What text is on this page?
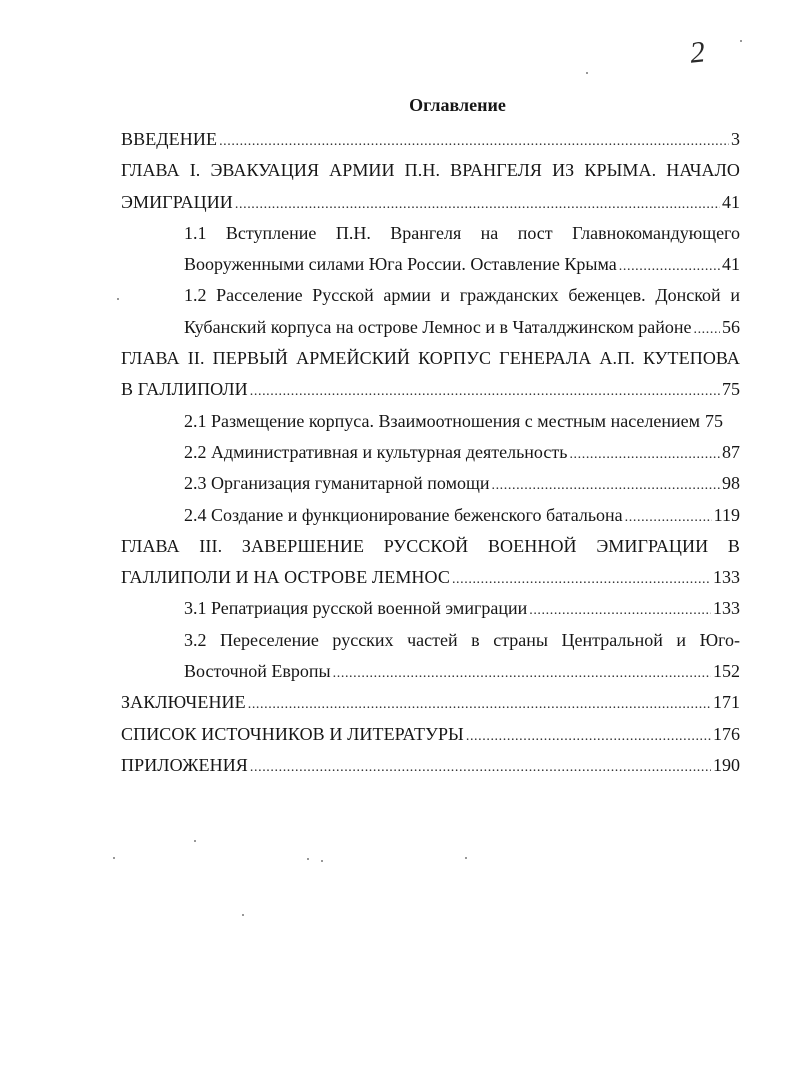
2
Оглавление
ВВЕДЕНИЕ .....	3
ГЛАВА I. ЭВАКУАЦИЯ АРМИИ П.Н. ВРАНГЕЛЯ ИЗ КРЫМА. НАЧАЛО
ЭМИГРАЦИИ .....	41
1.1 Вступление П.Н. Врангеля на пост Главнокомандующего
Вооруженными силами Юга России. Оставление Крыма .....	41
1.2 Расселение Русской армии и гражданских беженцев. Донской и
Кубанский корпуса на острове Лемнос и в Чаталджинском районе ..... 56
ГЛАВА II. ПЕРВЫЙ АРМЕЙСКИЙ КОРПУС ГЕНЕРАЛА А.П. КУТЕПОВА
В ГАЛЛИПОЛИ .....	75
2.1 Размещение корпуса. Взаимоотношения с местным населением 75
2.2 Административная и культурная деятельность .....	87
2.3 Организация гуманитарной помощи .....	98
2.4 Создание и функционирование беженского батальона .....	119
ГЛАВА III. ЗАВЕРШЕНИЕ РУССКОЙ ВОЕННОЙ ЭМИГРАЦИИ В
ГАЛЛИПОЛИ И НА ОСТРОВЕ ЛЕМНОС .....	133
3.1 Репатриация русской военной эмиграции .....	133
3.2 Переселение русских частей в страны Центральной и Юго-
Восточной Европы .....	152
ЗАКЛЮЧЕНИЕ .....	171
СПИСОК ИСТОЧНИКОВ И ЛИТЕРАТУРЫ .....	176
ПРИЛОЖЕНИЯ .....	190
